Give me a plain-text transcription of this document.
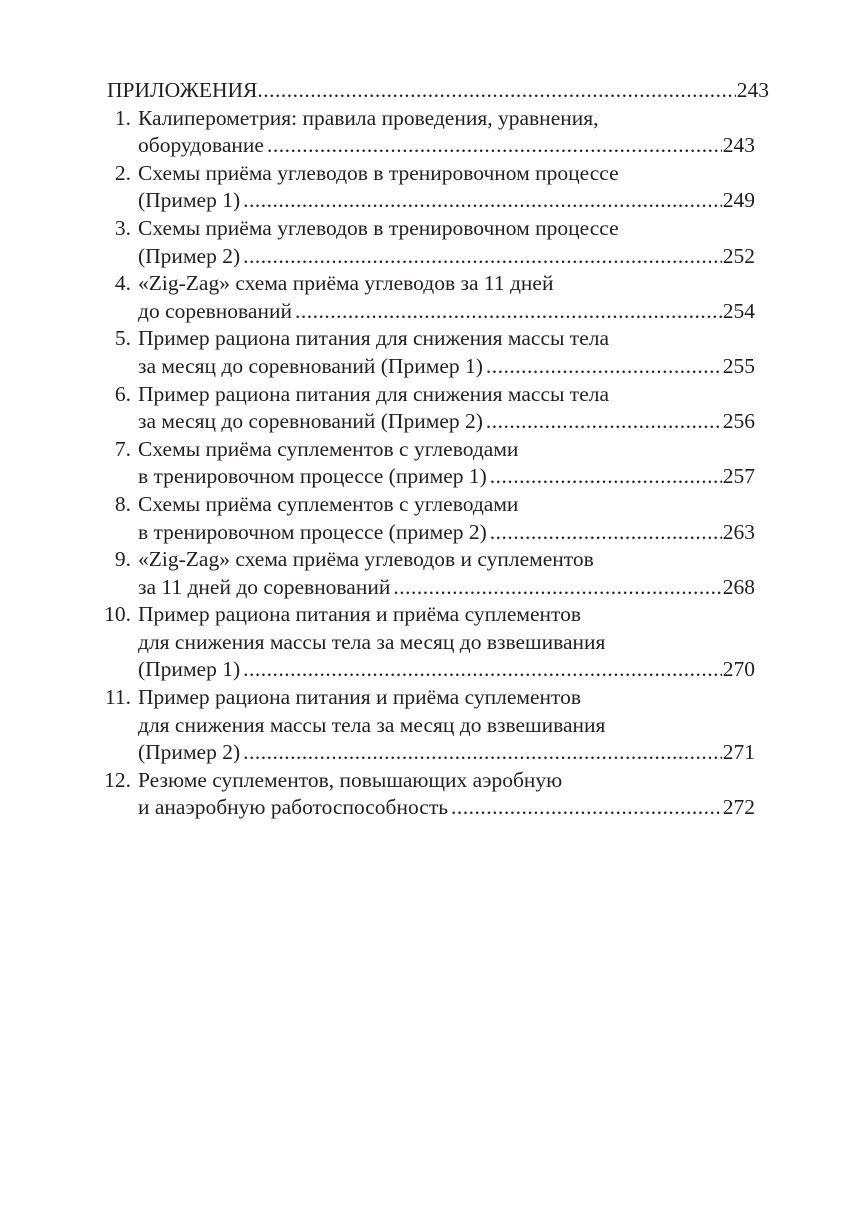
ПРИЛОЖЕНИЯ .....	243
1. Калиперометрия: правила проведения, уравнения,
оборудование .....	243
2. Схемы приёма углеводов в тренировочном процессе
(Пример 1) .....	249
3. Схемы приёма углеводов в тренировочном процессе
(Пример 2) .....	252
4. «Zig-Zag» схема приёма углеводов за 11 дней
до соревнований .....	254
5. Пример рациона питания для снижения массы тела
за месяц до соревнований (Пример 1) .....	255
6. Пример рациона питания для снижения массы тела
за месяц до соревнований (Пример 2) .....	256
7. Схемы приёма суплементов с углеводами
в тренировочном процессе (пример 1) .....	257
8. Схемы приёма суплементов с углеводами
в тренировочном процессе (пример 2) .....	263
9. «Zig-Zag» схема приёма углеводов и суплементов
за 11 дней до соревнований .....	268
10. Пример рациона питания и приёма суплементов
для снижения массы тела за месяц до взвешивания
(Пример 1) .....	270
11. Пример рациона питания и приёма суплементов
для снижения массы тела за месяц до взвешивания
(Пример 2) .....	271
12. Резюме суплементов, повышающих аэробную
и анаэробную работоспособность .....	272
